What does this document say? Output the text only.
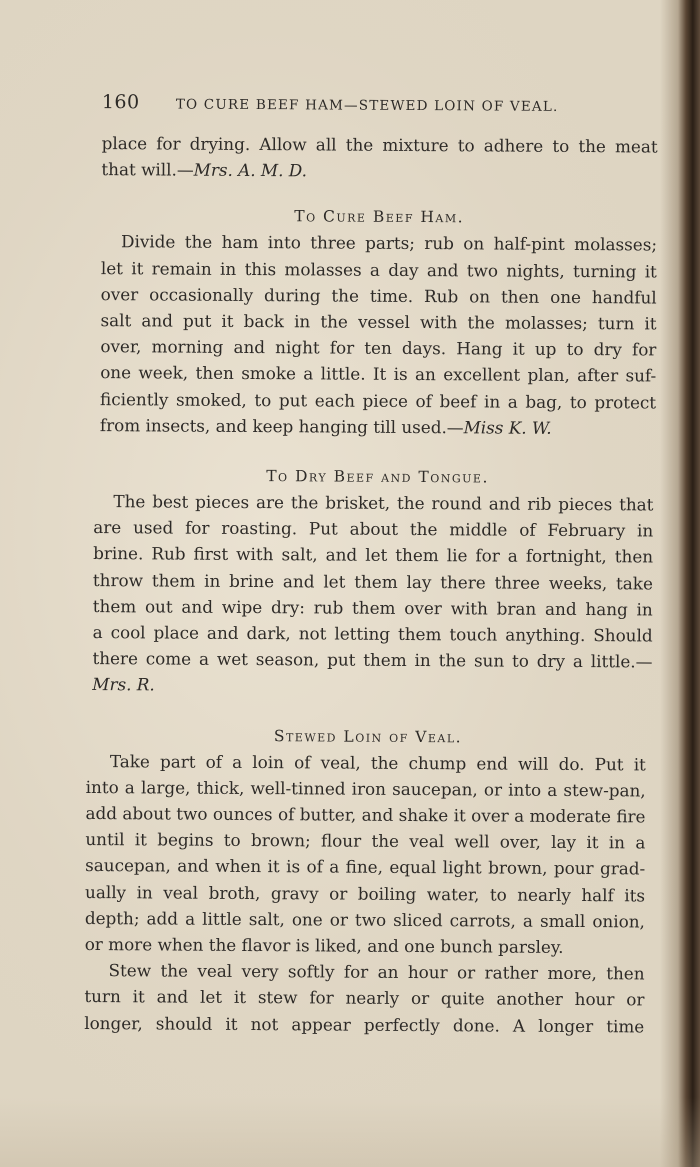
160	TO CURE BEEF HAM—STEWED LOIN OF VEAL.
place for drying. Allow all the mixture to adhere to the meat
that will.—Mrs. A. M. D.
To Cure Beef Ham.
Divide the ham into three parts; rub on half-pint molasses;
let it remain in this molasses a day and two nights, turning it
over occasionally during the time. Rub on then one handful
salt and put it back in the vessel with the molasses; turn it
over, morning and night for ten days. Hang it up to dry for
one week, then smoke a little. It is an excellent plan, after suf-
ficiently smoked, to put each piece of beef in a bag, to protect
from insects, and keep hanging till used.—Miss K. W.
To Dry Beef and Tongue.
The best pieces are the brisket, the round and rib pieces that
are used for roasting. Put about the middle of February in
brine. Rub first with salt, and let them lie for a fortnight, then
throw them in brine and let them lay there three weeks, take
them out and wipe dry: rub them over with bran and hang in
a cool place and dark, not letting them touch anything. Should
there come a wet season, put them in the sun to dry a little.—
Mrs. R.
Stewed Loin of Veal.
Take part of a loin of veal, the chump end will do. Put it
into a large, thick, well-tinned iron saucepan, or into a stew-pan,
add about two ounces of butter, and shake it over a moderate fire
until it begins to brown; flour the veal well over, lay it in a
saucepan, and when it is of a fine, equal light brown, pour grad-
ually in veal broth, gravy or boiling water, to nearly half its
depth; add a little salt, one or two sliced carrots, a small onion,
or more when the flavor is liked, and one bunch parsley.
Stew the veal very softly for an hour or rather more, then
turn it and let it stew for nearly or quite another hour or
longer, should it not appear perfectly done. A longer time
